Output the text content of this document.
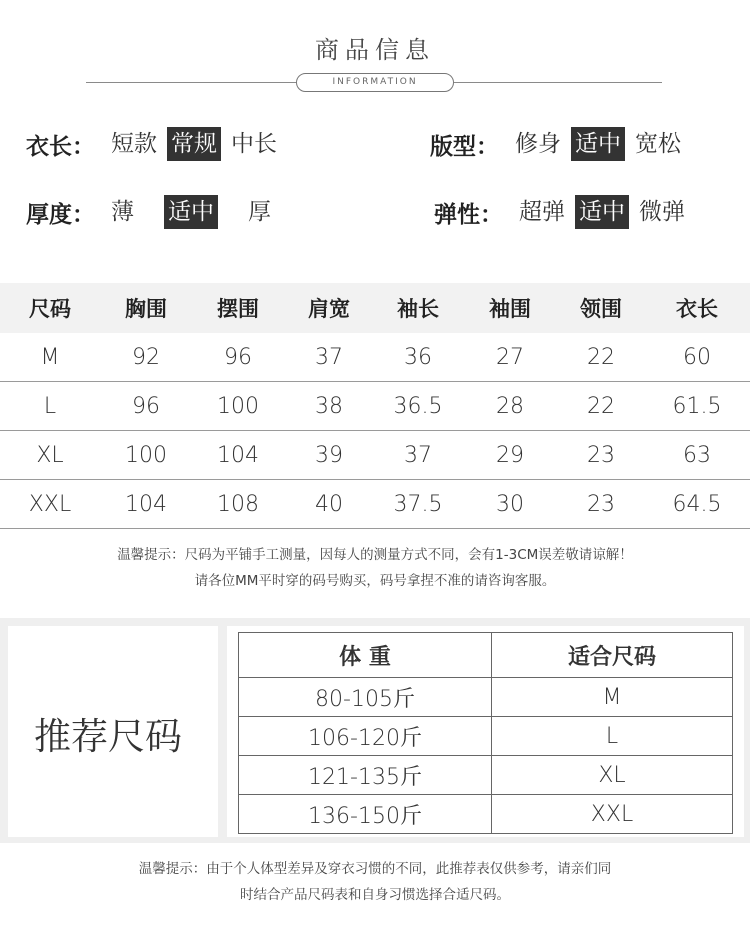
商品信息
INFORMATION
衣长： 短款 常规 中长	版型： 修身 适中 宽松
厚度： 薄 适中 厚	弹性： 超弹 适中 微弹
尺码	胸围	摆围	肩宽	袖长	袖围	领围	衣长
M	92	96	37	36	27	22	60
L	96	100	38	36.5	28	22	61.5
XL	100	104	39	37	29	23	63
XXL	104	108	40	37.5	30	23	64.5
温馨提示：尺码为平铺手工测量，因每人的测量方式不同，会有1-3CM误差敬请谅解！
请各位MM平时穿的码号购买，码号拿捏不准的请咨询客服。
推荐尺码
体 重	适合尺码
80-105斤	M
106-120斤	L
121-135斤	XL
136-150斤	XXL
温馨提示：由于个人体型差异及穿衣习惯的不同，此推荐表仅供参考，请亲们同
时结合产品尺码表和自身习惯选择合适尺码。
